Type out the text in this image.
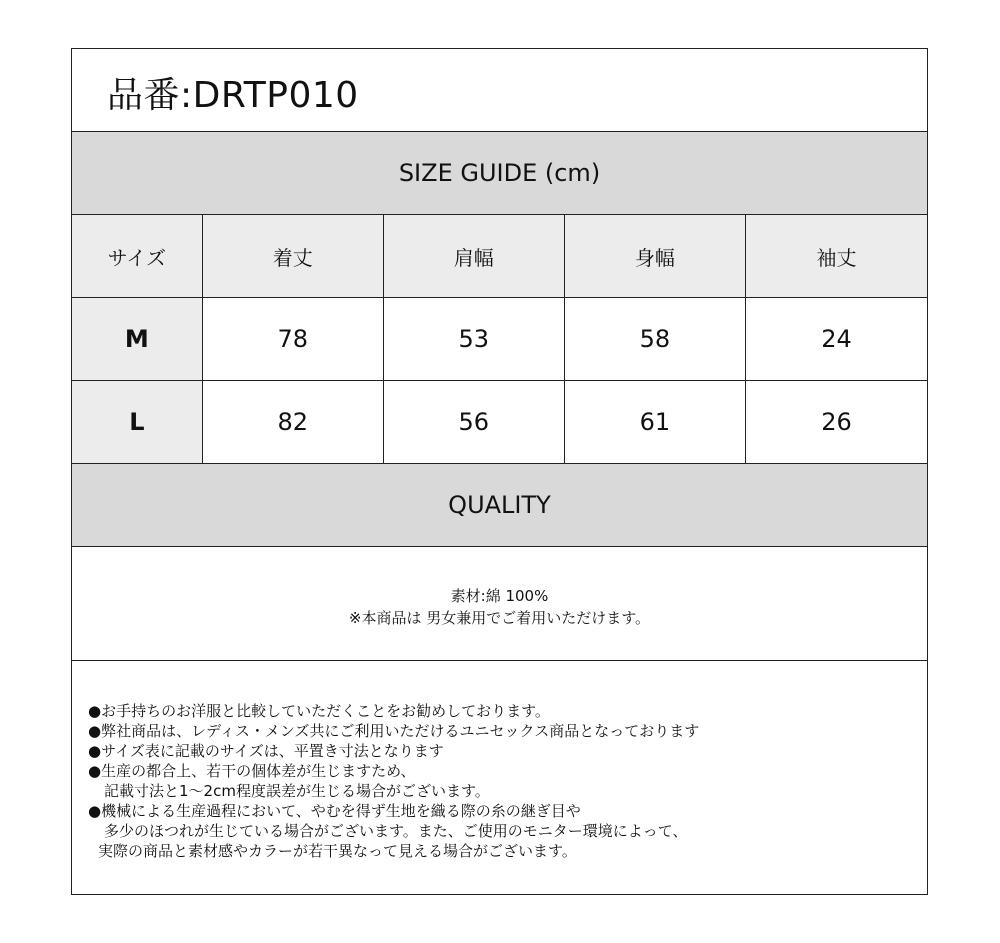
品番:DRTP010
SIZE GUIDE (cm)
サイズ	着丈	肩幅	身幅	袖丈
M	78	53	58	24
L	82	56	61	26
QUALITY
素材:綿 100%
※本商品は 男女兼用でご着用いただけます。
●お手持ちのお洋服と比較していただくことをお勧めしております。
●弊社商品は、レディス・メンズ共にご利用いただけるユニセックス商品となっております
●サイズ表に記載のサイズは、平置き寸法となります
●生産の都合上、若干の個体差が生じますため、
記載寸法と1～2cm程度誤差が生じる場合がございます。
●機械による生産過程において、やむを得ず生地を織る際の糸の継ぎ目や
多少のほつれが生じている場合がございます。また、ご使用のモニター環境によって、
実際の商品と素材感やカラーが若干異なって見える場合がございます。
